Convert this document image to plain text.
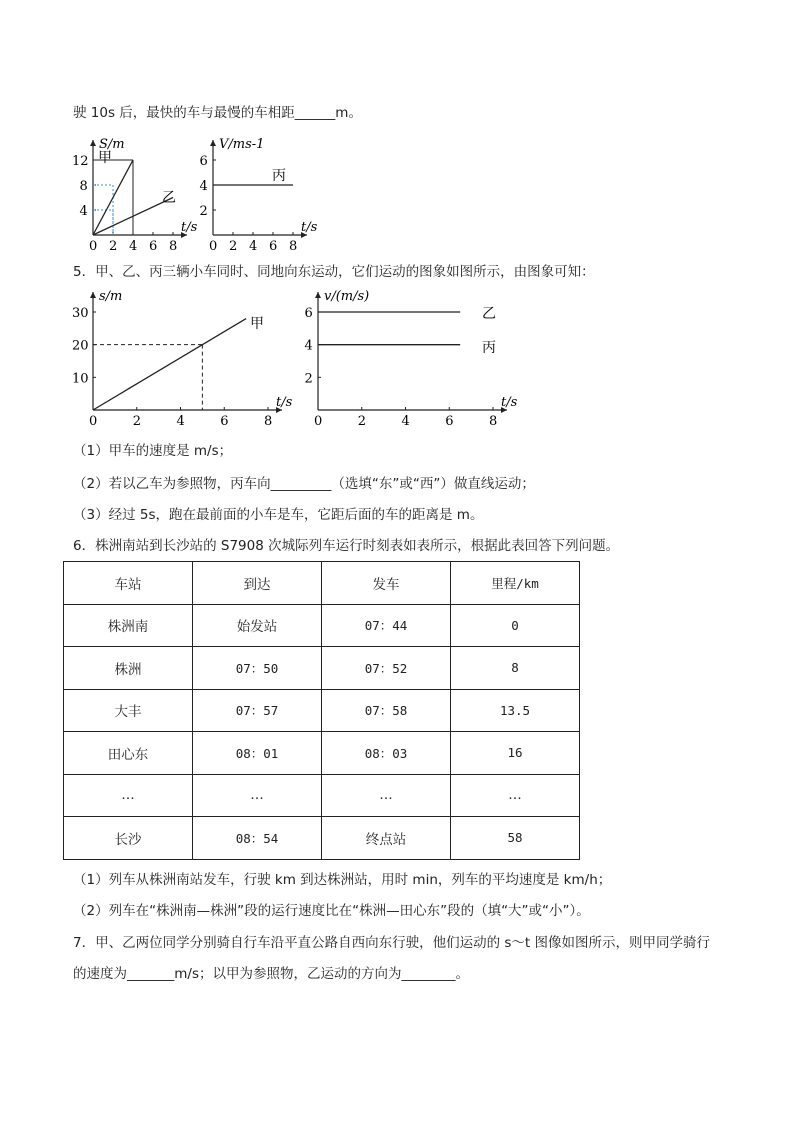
驶 10s 后，最快的车与最慢的车相距______m。
S/m
t/s
0 2 4 6 8
4
8
12 甲
乙
V/ms-1
t/s
0 2 4 6 8
2
4
6
丙
5．甲、乙、丙三辆小车同时、同地向东运动，它们运动的图象如图所示，由图象可知：
s/m
t/s
0	2	4	6	8
10
20
30
甲
v/(m/s)
t/s
0	2	4	6	8
2
4
6	乙
丙
（1）甲车的速度是 m/s；
（2）若以乙车为参照物，丙车向_________（选填“东”或“西”）做直线运动；
（3）经过 5s，跑在最前面的小车是车，它距后面的车的距离是 m。
6．株洲南站到长沙站的 S7908 次城际列车运行时刻表如表所示，根据此表回答下列问题。
车站	到达	发车	里程/km
株洲南	始发站	07：44	0
株洲	07：50	07：52	8
大丰	07：57	07：58	13.5
田心东	08：01	08：03	16
…	…	…	…
长沙	08：54	终点站	58
（1）列车从株洲南站发车，行驶 km 到达株洲站，用时 min，列车的平均速度是 km/h；
（2）列车在“株洲南—株洲”段的运行速度比在“株洲—田心东”段的（填“大”或“小”）。
7．甲、乙两位同学分别骑自行车沿平直公路自西向东行驶，他们运动的 s～t 图像如图所示，则甲同学骑行
的速度为_______m/s；以甲为参照物，乙运动的方向为________。
